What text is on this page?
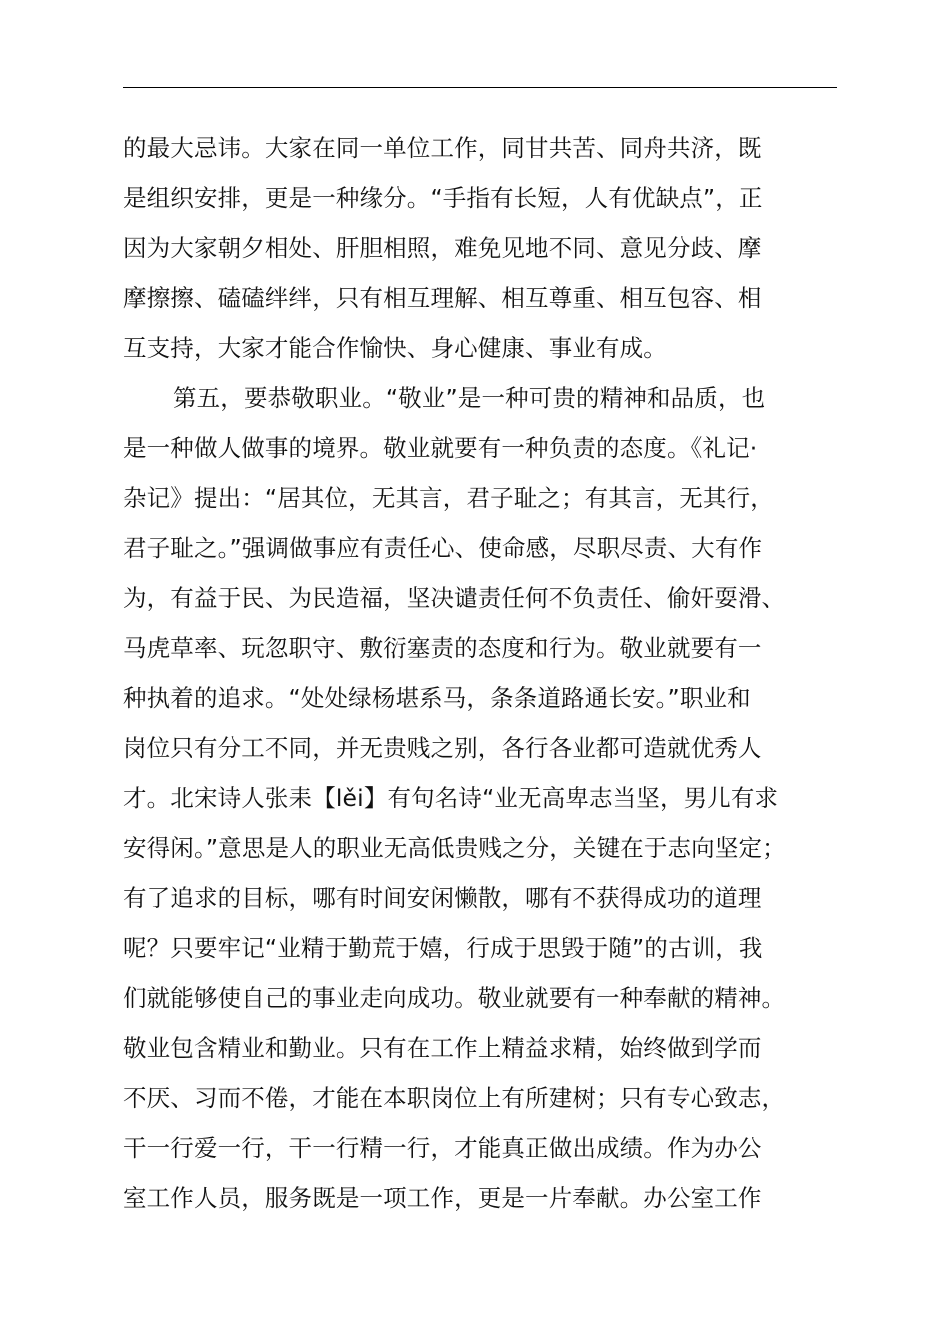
的最大忌讳。大家在同一单位工作，同甘共苦、同舟共济，既
是组织安排，更是一种缘分。“手指有长短，人有优缺点”，正
因为大家朝夕相处、肝胆相照，难免见地不同、意见分歧、摩
摩擦擦、磕磕绊绊，只有相互理解、相互尊重、相互包容、相
互支持，大家才能合作愉快、身心健康、事业有成。
第五，要恭敬职业。“敬业”是一种可贵的精神和品质，也
是一种做人做事的境界。敬业就要有一种负责的态度。《礼记·
杂记》提出：“居其位，无其言，君子耻之；有其言，无其行，
君子耻之。”强调做事应有责任心、使命感，尽职尽责、大有作
为，有益于民、为民造福，坚决谴责任何不负责任、偷奸耍滑、
马虎草率、玩忽职守、敷衍塞责的态度和行为。敬业就要有一
种执着的追求。“处处绿杨堪系马，条条道路通长安。”职业和
岗位只有分工不同，并无贵贱之别，各行各业都可造就优秀人
才。北宋诗人张耒【lěi】有句名诗“业无高卑志当坚，男儿有求
安得闲。”意思是人的职业无高低贵贱之分，关键在于志向坚定；
有了追求的目标，哪有时间安闲懒散，哪有不获得成功的道理
呢？只要牢记“业精于勤荒于嬉，行成于思毁于随”的古训，我
们就能够使自己的事业走向成功。敬业就要有一种奉献的精神。
敬业包含精业和勤业。只有在工作上精益求精，始终做到学而
不厌、习而不倦，才能在本职岗位上有所建树；只有专心致志，
干一行爱一行，干一行精一行，才能真正做出成绩。作为办公
室工作人员，服务既是一项工作，更是一片奉献。办公室工作
